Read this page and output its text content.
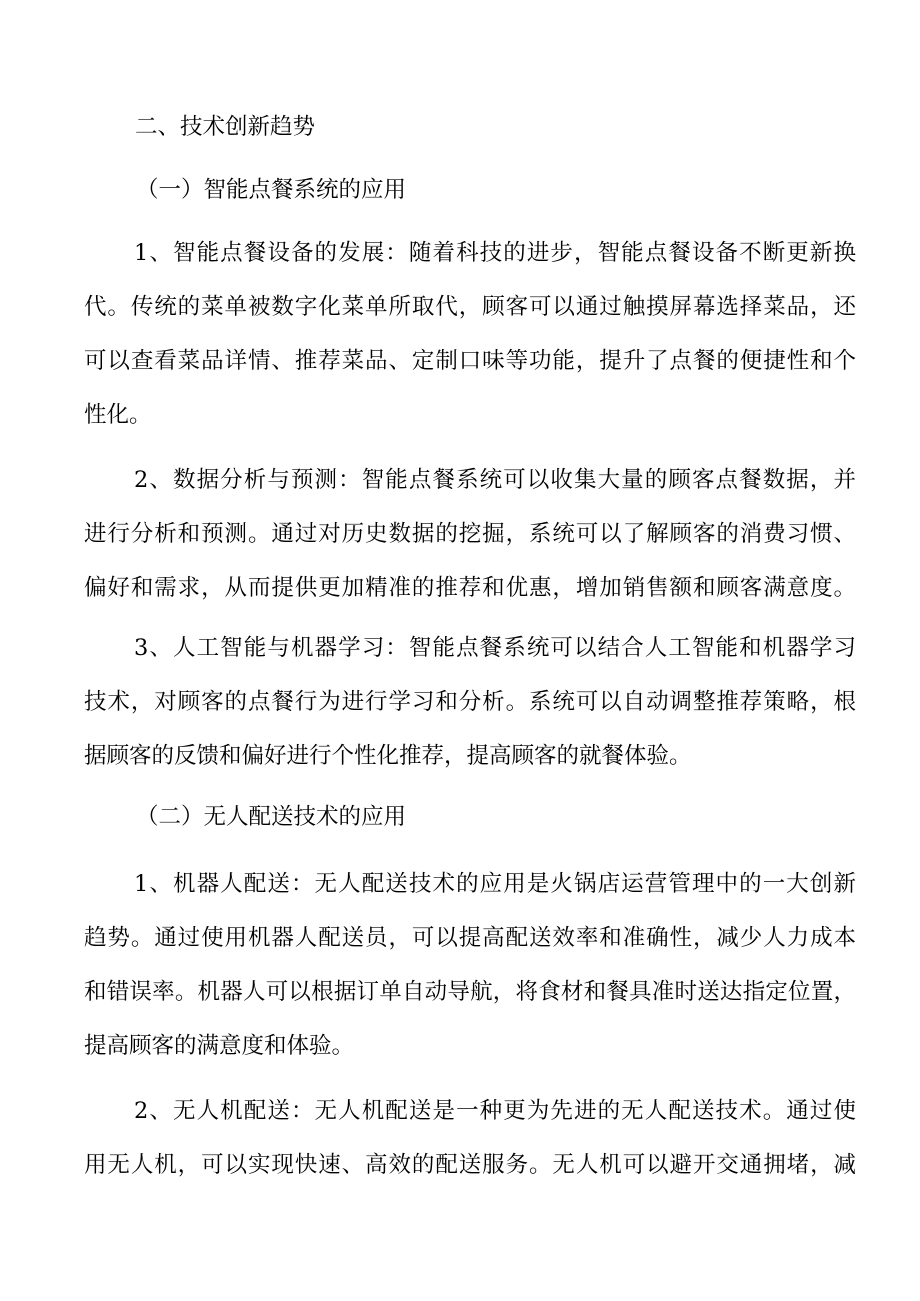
二、技术创新趋势
（一）智能点餐系统的应用

1、智能点餐设备的发展：随着科技的进步，智能点餐设备不断更新换
代。传统的菜单被数字化菜单所取代，顾客可以通过触摸屏幕选择菜品，还
可以查看菜品详情、推荐菜品、定制口味等功能，提升了点餐的便捷性和个
性化。

2、数据分析与预测：智能点餐系统可以收集大量的顾客点餐数据，并
进行分析和预测。通过对历史数据的挖掘，系统可以了解顾客的消费习惯、
偏好和需求，从而提供更加精准的推荐和优惠，增加销售额和顾客满意度。

3、人工智能与机器学习：智能点餐系统可以结合人工智能和机器学习
技术，对顾客的点餐行为进行学习和分析。系统可以自动调整推荐策略，根
据顾客的反馈和偏好进行个性化推荐，提高顾客的就餐体验。

（二）无人配送技术的应用

1、机器人配送：无人配送技术的应用是火锅店运营管理中的一大创新
趋势。通过使用机器人配送员，可以提高配送效率和准确性，减少人力成本
和错误率。机器人可以根据订单自动导航，将食材和餐具准时送达指定位置，
提高顾客的满意度和体验。

2、无人机配送：无人机配送是一种更为先进的无人配送技术。通过使
用无人机，可以实现快速、高效的配送服务。无人机可以避开交通拥堵，减
